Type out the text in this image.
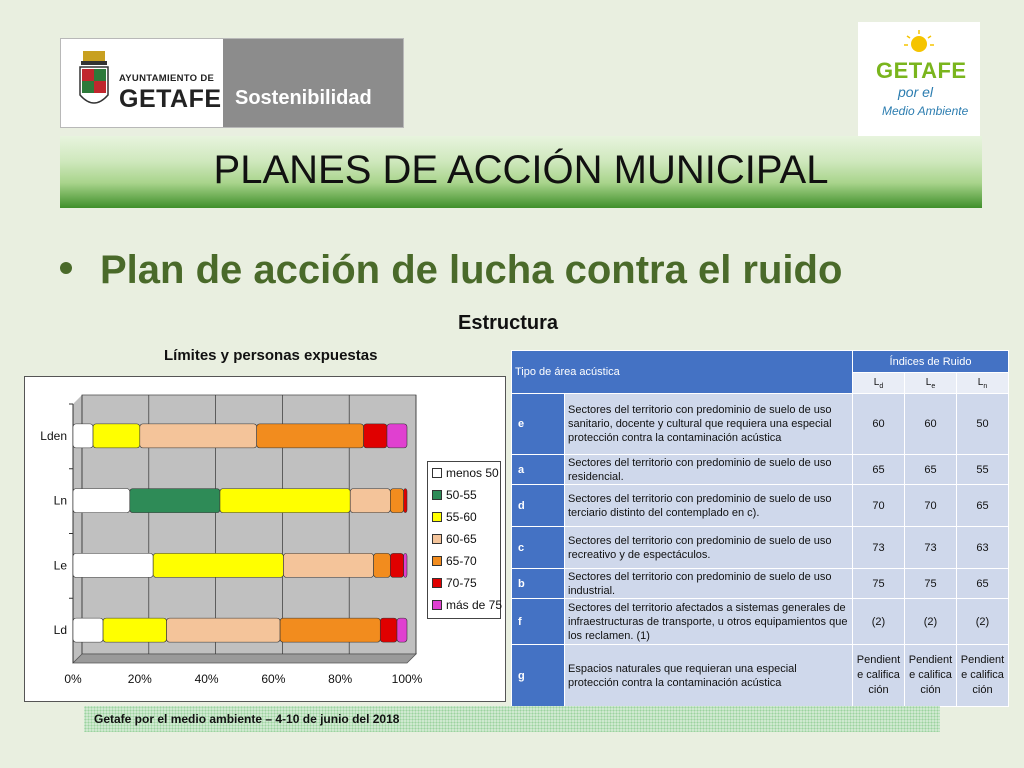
AYUNTAMIENTO DE
GETAFE Sostenibilidad
GETAFE
por el
Medio Ambiente
PLANES DE ACCIÓN MUNICIPAL
Plan de acción de lucha contra el ruido
Estructura
Límites y personas expuestas
0%	20%	40%	60%	80%	100%
Lden
Ln
Le
Ld
menos 50
50-55
55-60
60-65
65-70
70-75
más de 75
Tipo de área acústica		Índices de Ruido		
		$L_d$	$L_e$	$L_n$
e	Sectores del territorio con predominio de suelo de uso sanitario, docente y cultural que requiera una especial protección contra la contaminación acústica	60	60	50
a	Sectores del territorio con predominio de suelo de uso residencial.	65	65	55
d	Sectores del territorio con predominio de suelo de uso terciario distinto del contemplado en c).	70	70	65
c	Sectores del territorio con predominio de suelo de uso recreativo y de espectáculos.	73	73	63
b	Sectores del territorio con predominio de suelo de uso industrial.	75	75	65
f	Sectores del territorio afectados a sistemas generales de infraestructuras de transporte, u otros equipamientos que los reclamen. (1)	(2)	(2)	(2)
g	Espacios naturales que requieran una especial protección contra la contaminación acústica	Pendiente calificación	Pendiente calificación	Pendiente calificación
Getafe por el medio ambiente – 4-10 de junio del 2018
